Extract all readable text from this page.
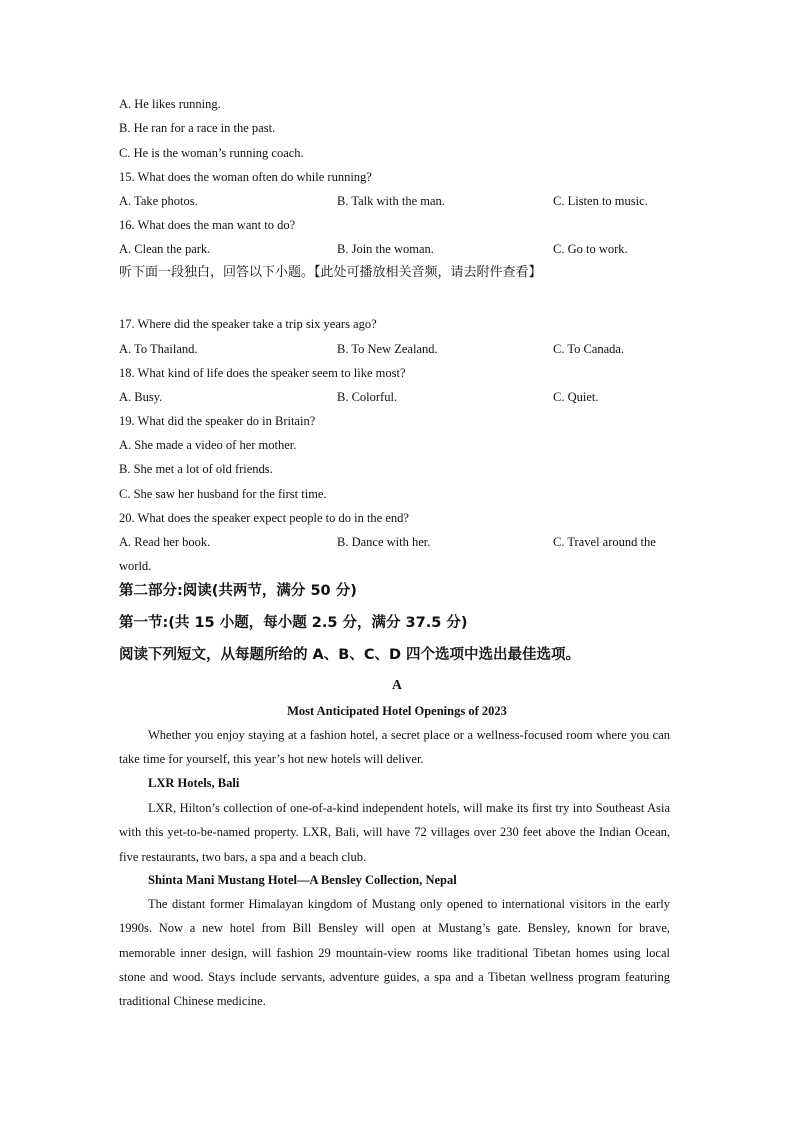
A. He likes running.
B. He ran for a race in the past.
C. He is the woman’s running coach.
15. What does the woman often do while running?
A. Take photos.	B. Talk with the man.	C. Listen to music.
16. What does the man want to do?
A. Clean the park.	B. Join the woman.	C. Go to work.
听下面一段独白，回答以下小题。【此处可播放相关音频，请去附件查看】
17. Where did the speaker take a trip six years ago?
A. To Thailand.	B. To New Zealand.	C. To Canada.
18. What kind of life does the speaker seem to like most?
A. Busy.	B. Colorful.	C. Quiet.
19. What did the speaker do in Britain?
A. She made a video of her mother.
B. She met a lot of old friends.
C. She saw her husband for the first time.
20. What does the speaker expect people to do in the end?
A. Read her book.	B. Dance with her.	C. Travel around the
world.
第二部分:阅读(共两节，满分 50 分)
第一节:(共 15 小题，每小题 2.5 分，满分 37.5 分)
阅读下列短文，从每题所给的 A、B、C、D 四个选项中选出最佳选项。
A
Most Anticipated Hotel Openings of 2023
Whether you enjoy staying at a fashion hotel, a secret place or a wellness-focused room where you can take time for yourself, this year’s hot new hotels will deliver.
LXR Hotels, Bali
LXR, Hilton’s collection of one-of-a-kind independent hotels, will make its first try into Southeast Asia with this yet-to-be-named property. LXR, Bali, will have 72 villages over 230 feet above the Indian Ocean, five restaurants, two bars, a spa and a beach club.
Shinta Mani Mustang Hotel—A Bensley Collection, Nepal
The distant former Himalayan kingdom of Mustang only opened to international visitors in the early 1990s. Now a new hotel from Bill Bensley will open at Mustang’s gate. Bensley, known for brave, memorable inner design, will fashion 29 mountain-view rooms like traditional Tibetan homes using local stone and wood. Stays include servants, adventure guides, a spa and a Tibetan wellness program featuring traditional Chinese medicine.
